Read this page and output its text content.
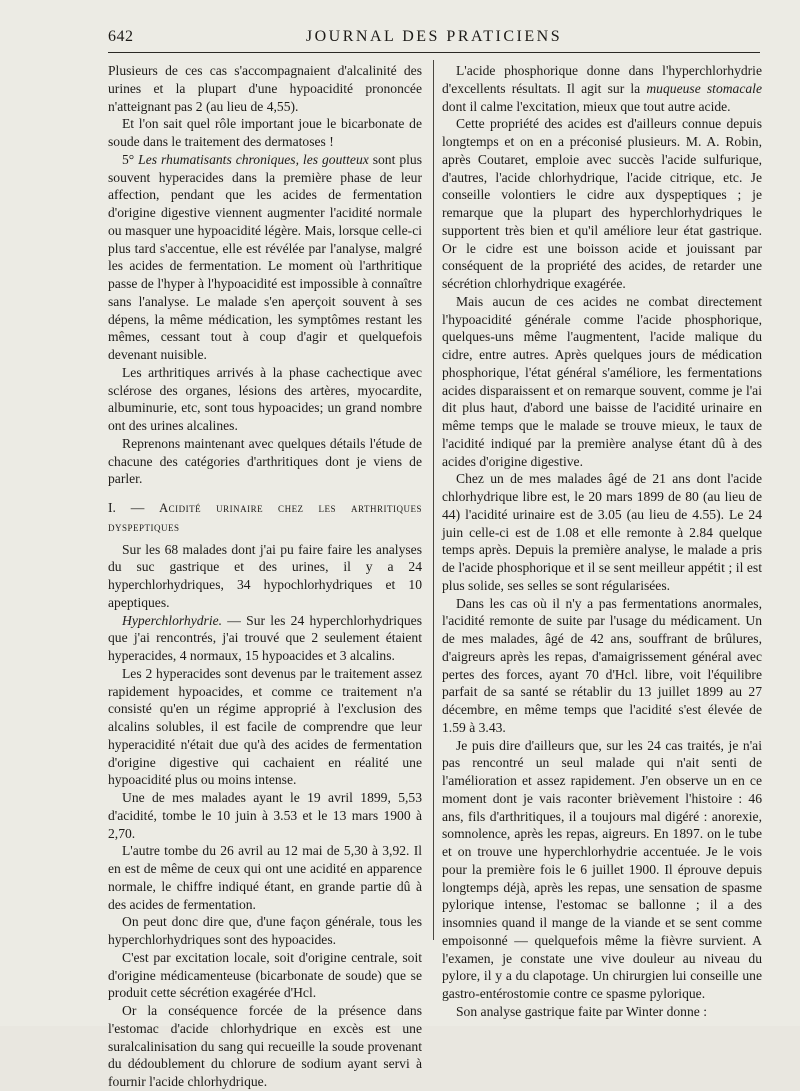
642	JOURNAL DES PRATICIENS

Plusieurs de ces cas s'accompagnaient d'alcalinité des urines et la plupart d'une hypoacidité prononcée n'atteignant pas 2 (au lieu de 4,55).

Et l'on sait quel rôle important joue le bicarbonate de soude dans le traitement des dermatoses !

5° Les rhumatisants chroniques, les goutteux sont plus souvent hyperacides dans la première phase de leur affection, pendant que les acides de fermentation d'origine digestive viennent augmenter l'acidité normale ou masquer une hypoacidité légère. Mais, lorsque celle-ci plus tard s'accentue, elle est révélée par l'analyse, malgré les acides de fermentation. Le moment où l'arthritique passe de l'hyper à l'hypoacidité est impossible à connaître sans l'analyse. Le malade s'en aperçoit souvent à ses dépens, la même médication, les symptômes restant les mêmes, cessant tout à coup d'agir et quelquefois devenant nuisible.

Les arthritiques arrivés à la phase cachectique avec sclérose des organes, lésions des artères, myocardite, albuminurie, etc, sont tous hypoacides; un grand nombre ont des urines alcalines.

Reprenons maintenant avec quelques détails l'étude de chacune des catégories d'arthritiques dont je viens de parler.

I. — Acidité urinaire chez les arthritiques dyspeptiques

Sur les 68 malades dont j'ai pu faire faire les analyses du suc gastrique et des urines, il y a 24 hyperchlorhydriques, 34 hypochlorhydriques et 10 apeptiques.

Hyperchlorhydrie. — Sur les 24 hyperchlorhydriques que j'ai rencontrés, j'ai trouvé que 2 seulement étaient hyperacides, 4 normaux, 15 hypoacides et 3 alcalins.

Les 2 hyperacides sont devenus par le traitement assez rapidement hypoacides, et comme ce traitement n'a consisté qu'en un régime approprié à l'exclusion des alcalins solubles, il est facile de comprendre que leur hyperacidité n'était due qu'à des acides de fermentation d'origine digestive qui cachaient en réalité une hypoacidité plus ou moins intense.

Une de mes malades ayant le 19 avril 1899, 5,53 d'acidité, tombe le 10 juin à 3.53 et le 13 mars 1900 à 2,70.

L'autre tombe du 26 avril au 12 mai de 5,30 à 3,92. Il en est de même de ceux qui ont une acidité en apparence normale, le chiffre indiqué étant, en grande partie dû à des acides de fermentation.

On peut donc dire que, d'une façon générale, tous les hyperchlorhydriques sont des hypoacides.

C'est par excitation locale, soit d'origine centrale, soit d'origine médicamenteuse (bicarbonate de soude) que se produit cette sécrétion exagérée d'Hcl.

Or la conséquence forcée de la présence dans l'estomac d'acide chlorhydrique en excès est une suralcalinisation du sang qui recueille la soude provenant du dédoublement du chlorure de sodium ayant servi à fournir l'acide chlorhydrique.

L'acide phosphorique donne dans l'hyperchlorhydrie d'excellents résultats. Il agit sur la muqueuse stomacale dont il calme l'excitation, mieux que tout autre acide.

Cette propriété des acides est d'ailleurs connue depuis longtemps et on en a préconisé plusieurs. M. A. Robin, après Coutaret, emploie avec succès l'acide sulfurique, d'autres, l'acide chlorhydrique, l'acide citrique, etc. Je conseille volontiers le cidre aux dyspeptiques ; je remarque que la plupart des hyperchlorhydriques le supportent très bien et qu'il améliore leur état gastrique. Or le cidre est une boisson acide et jouissant par conséquent de la propriété des acides, de retarder une sécrétion chlorhydrique exagérée.

Mais aucun de ces acides ne combat directement l'hypoacidité générale comme l'acide phosphorique, quelques-uns même l'augmentent, l'acide malique du cidre, entre autres. Après quelques jours de médication phosphorique, l'état général s'améliore, les fermentations acides disparaissent et on remarque souvent, comme je l'ai dit plus haut, d'abord une baisse de l'acidité urinaire en même temps que le malade se trouve mieux, le taux de l'acidité indiqué par la première analyse étant dû à des acides d'origine digestive.

Chez un de mes malades âgé de 21 ans dont l'acide chlorhydrique libre est, le 20 mars 1899 de 80 (au lieu de 44) l'acidité urinaire est de 3.05 (au lieu de 4.55). Le 24 juin celle-ci est de 1.08 et elle remonte à 2.84 quelque temps après. Depuis la première analyse, le malade a pris de l'acide phosphorique et il se sent meilleur appétit ; il est plus solide, ses selles se sont régularisées.

Dans les cas où il n'y a pas fermentations anormales, l'acidité remonte de suite par l'usage du médicament. Un de mes malades, âgé de 42 ans, souffrant de brûlures, d'aigreurs après les repas, d'amaigrissement général avec pertes des forces, ayant 70 d'Hcl. libre, voit l'équilibre parfait de sa santé se rétablir du 13 juillet 1899 au 27 décembre, en même temps que l'acidité s'est élevée de 1.59 à 3.43.

Je puis dire d'ailleurs que, sur les 24 cas traités, je n'ai pas rencontré un seul malade qui n'ait senti de l'amélioration et assez rapidement. J'en observe un en ce moment dont je vais raconter brièvement l'histoire : 46 ans, fils d'arthritiques, il a toujours mal digéré : anorexie, somnolence, après les repas, aigreurs. En 1897. on le tube et on trouve une hyperchlorhydrie accentuée. Je le vois pour la première fois le 6 juillet 1900. Il éprouve depuis longtemps déjà, après les repas, une sensation de spasme pylorique intense, l'estomac se ballonne ; il a des insomnies quand il mange de la viande et se sent comme empoisonné — quelquefois même la fièvre survient. A l'examen, je constate une vive douleur au niveau du pylore, il y a du clapotage. Un chirurgien lui conseille une gastro-entérostomie contre ce spasme pylorique.

Son analyse gastrique faite par Winter donne :
